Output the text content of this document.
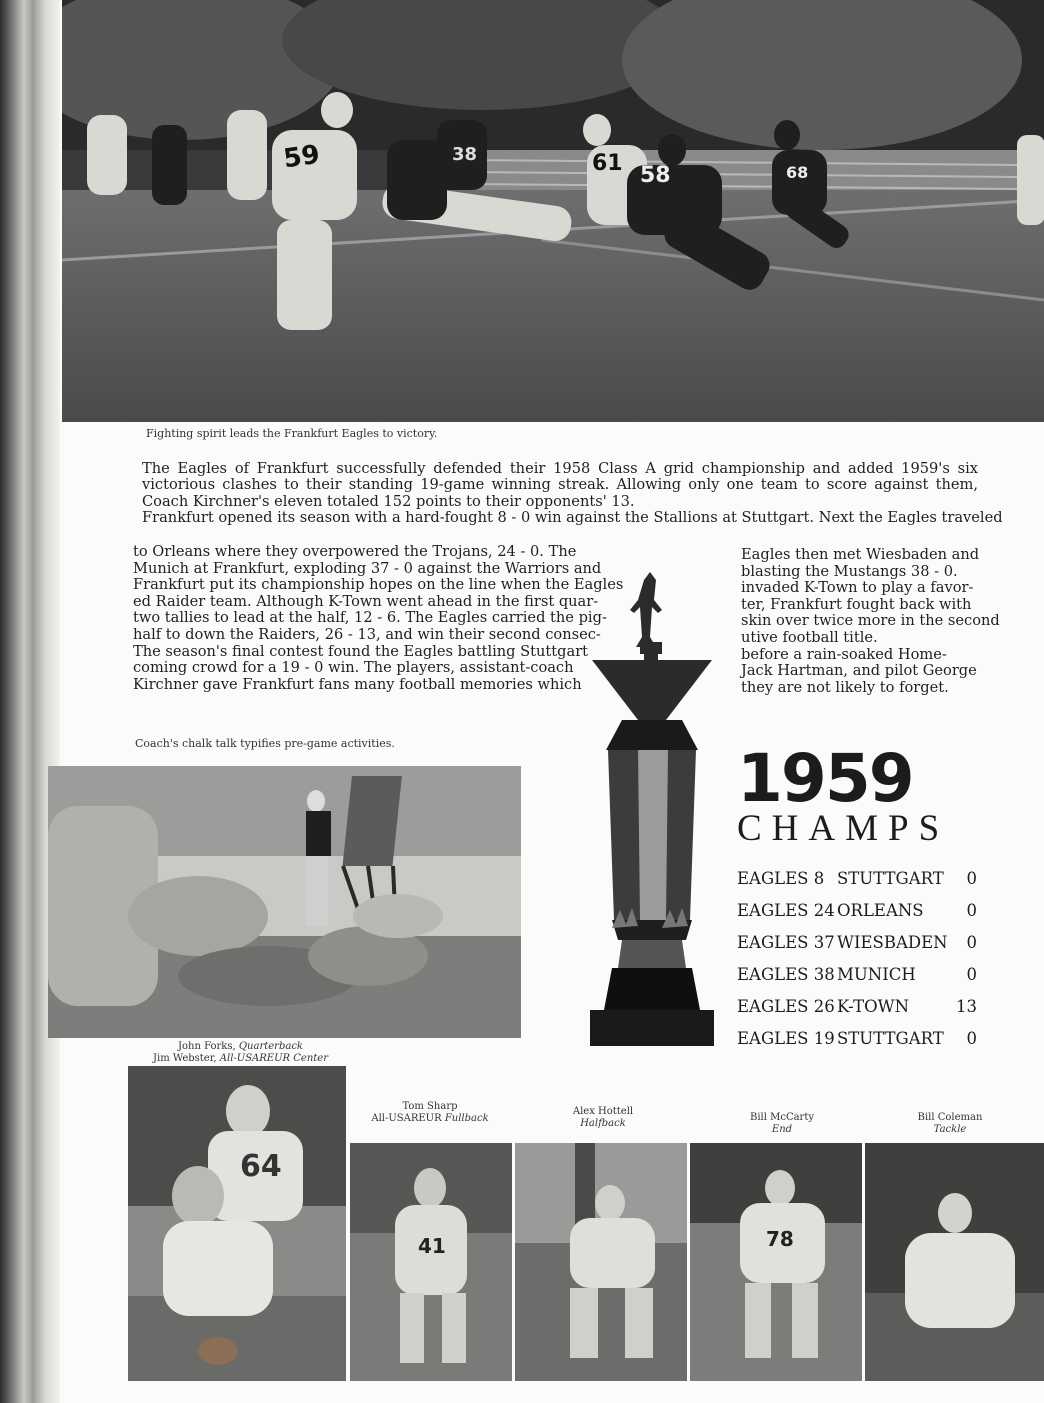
59	38	61 58	68
Fighting spirit leads the Frankfurt Eagles to victory.

The Eagles of Frankfurt successfully defended their 1958 Class A grid championship and added 1959's six victorious clashes to their standing 19-game winning streak. Allowing only one team to score against them, Coach Kirchner's eleven totaled 152 points to their opponents' 13.

Frankfurt opened its season with a hard-fought 8 - 0 win against the Stallions at Stuttgart. Next the Eagles traveled

to Orleans where they overpowered the Trojans, 24 - 0. The
Munich at Frankfurt, exploding 37 - 0 against the Warriors and
Frankfurt put its championship hopes on the line when the Eagles
ed Raider team. Although K-Town went ahead in the first quar-
two tallies to lead at the half, 12 - 6. The Eagles carried the pig-
half to down the Raiders, 26 - 13, and win their second consec-
The season's final contest found the Eagles battling Stuttgart
coming crowd for a 19 - 0 win. The players, assistant-coach
Kirchner gave Frankfurt fans many football memories which
Eagles then met Wiesbaden and
blasting the Mustangs 38 - 0.
invaded K-Town to play a favor-
ter, Frankfurt fought back with
skin over twice more in the second
utive football title.
before a rain-soaked Home-
Jack Hartman, and pilot George
they are not likely to forget.
1959
CHAMPS
EAGLES 8 STUTTGART 0
EAGLES 24 ORLEANS	0
EAGLES 37 WIESBADEN 0
EAGLES 38 MUNICH	0
EAGLES 26 K-TOWN	13
EAGLES 19 STUTTGART 0
Coach's chalk talk typifies pre-game activities.
John Forks, Quarterback
Jim Webster, All-USAREUR Center
64
Tom Sharp
All-USAREUR Fullback
Alex Hottell
Halfback
Bill McCarty
End
Bill Coleman
Tackle
41	78
